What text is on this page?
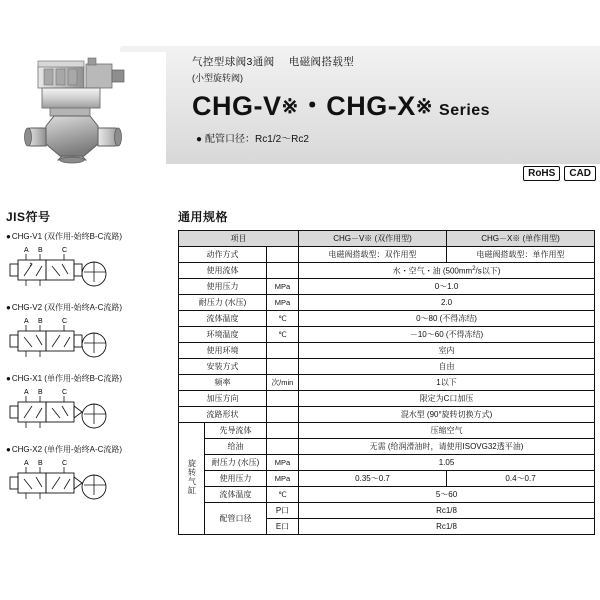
气控型球阀3通阀　 电磁阀搭载型
(小型旋转阀)
CHG-V※・CHG-X※ Series
● 配管口径：Rc1/2～Rc2
RoHS	CAD
JIS符号
●CHG-V1 (双作用-始终B-C流路)
A B	C
●CHG-V2 (双作用-始终A-C流路)
A B	C
●CHG-X1 (单作用-始终B-C流路)
A B	C
●CHG-X2 (单作用-始终A-C流路)
A B	C
通用规格
项目			CHG－V※ (双作用型)	CHG－X※ (单作用型)
动作方式			电磁阀搭载型：双作用型	电磁阀搭载型：单作用型
使用流体			水・空气・油 ($500mm^2/s$以下)	
使用压力		MPa	0～1.0	
耐压力 (水压)		MPa	2.0	
流体温度		℃	0～80 (不得冻结)	
环境温度		℃	－10～60 (不得冻结)	
使用环境			室内	
安装方式			自由	
频率		次/min	1以下	
加压方向			限定为C口加压	
流路形状			混水型 (90°旋转切换方式)	
旋转气缸	先导流体		压缩空气	
	给油		无需 (给润滑油时，请使用ISOVG32透平油)	
	耐压力 (水压)	MPa	1.05	
	使用压力	MPa	0.35～0.7	0.4～0.7
	流体温度	℃	5～60	
	配管口径	P口	Rc1/8	
		E口	Rc1/8	
